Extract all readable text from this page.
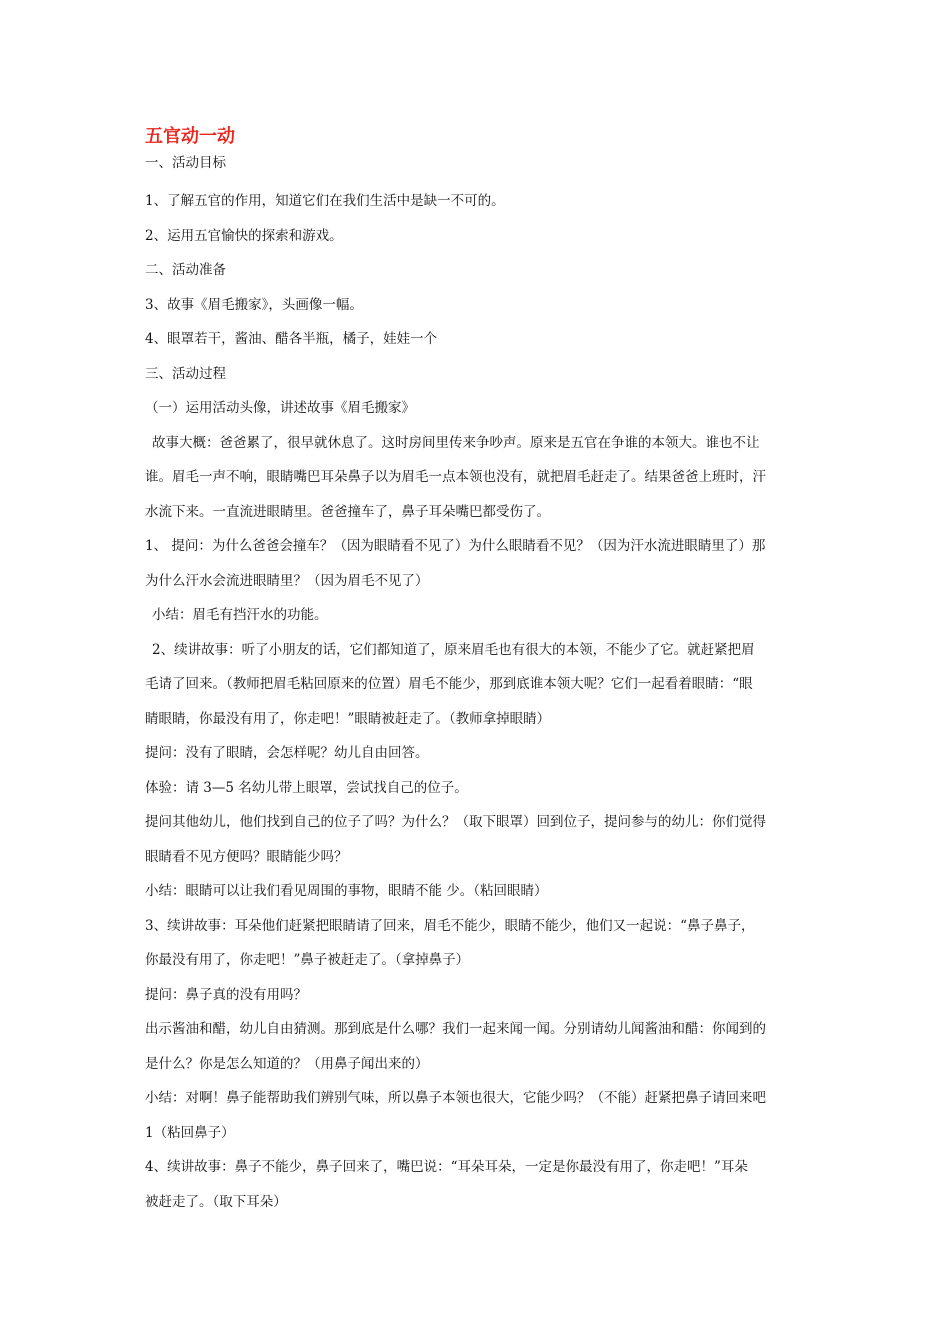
五官动一动

一、活动目标

1、了解五官的作用，知道它们在我们生活中是缺一不可的。

2、运用五官愉快的探索和游戏。

二、活动准备

3、故事《眉毛搬家》，头画像一幅。

4、眼罩若干，酱油、醋各半瓶，橘子，娃娃一个

三、活动过程

（一）运用活动头像，讲述故事《眉毛搬家》

故事大概：爸爸累了，很早就休息了。这时房间里传来争吵声。原来是五官在争谁的本领大。谁也不让

谁。眉毛一声不响，眼睛嘴巴耳朵鼻子以为眉毛一点本领也没有，就把眉毛赶走了。结果爸爸上班时，汗

水流下来。一直流进眼睛里。爸爸撞车了，鼻子耳朵嘴巴都受伤了。

1、 提问：为什么爸爸会撞车？（因为眼睛看不见了）为什么眼睛看不见？（因为汗水流进眼睛里了）那

为什么汗水会流进眼睛里？（因为眉毛不见了）

小结：眉毛有挡汗水的功能。

2、续讲故事：听了小朋友的话，它们都知道了，原来眉毛也有很大的本领，不能少了它。就赶紧把眉

毛请了回来。（教师把眉毛粘回原来的位置）眉毛不能少，那到底谁本领大呢？它们一起看着眼睛：“眼

睛眼睛，你最没有用了，你走吧！”眼睛被赶走了。（教师拿掉眼睛）

提问：没有了眼睛，会怎样呢？幼儿自由回答。

体验：请 3—5 名幼儿带上眼罩，尝试找自己的位子。

提问其他幼儿，他们找到自己的位子了吗？为什么？（取下眼罩）回到位子，提问参与的幼儿：你们觉得

眼睛看不见方便吗？眼睛能少吗？

小结：眼睛可以让我们看见周围的事物，眼睛不能 少。（粘回眼睛）

3、续讲故事：耳朵他们赶紧把眼睛请了回来，眉毛不能少，眼睛不能少，他们又一起说：“鼻子鼻子，

你最没有用了，你走吧！”鼻子被赶走了。（拿掉鼻子）

提问：鼻子真的没有用吗？

出示酱油和醋，幼儿自由猜测。那到底是什么哪？我们一起来闻一闻。分别请幼儿闻酱油和醋：你闻到的

是什么？你是怎么知道的？（用鼻子闻出来的）

小结：对啊！鼻子能帮助我们辨别气味，所以鼻子本领也很大，它能少吗？（不能）赶紧把鼻子请回来吧

1（粘回鼻子）

4、续讲故事：鼻子不能少，鼻子回来了，嘴巴说：“耳朵耳朵，一定是你最没有用了，你走吧！”耳朵

被赶走了。（取下耳朵）
